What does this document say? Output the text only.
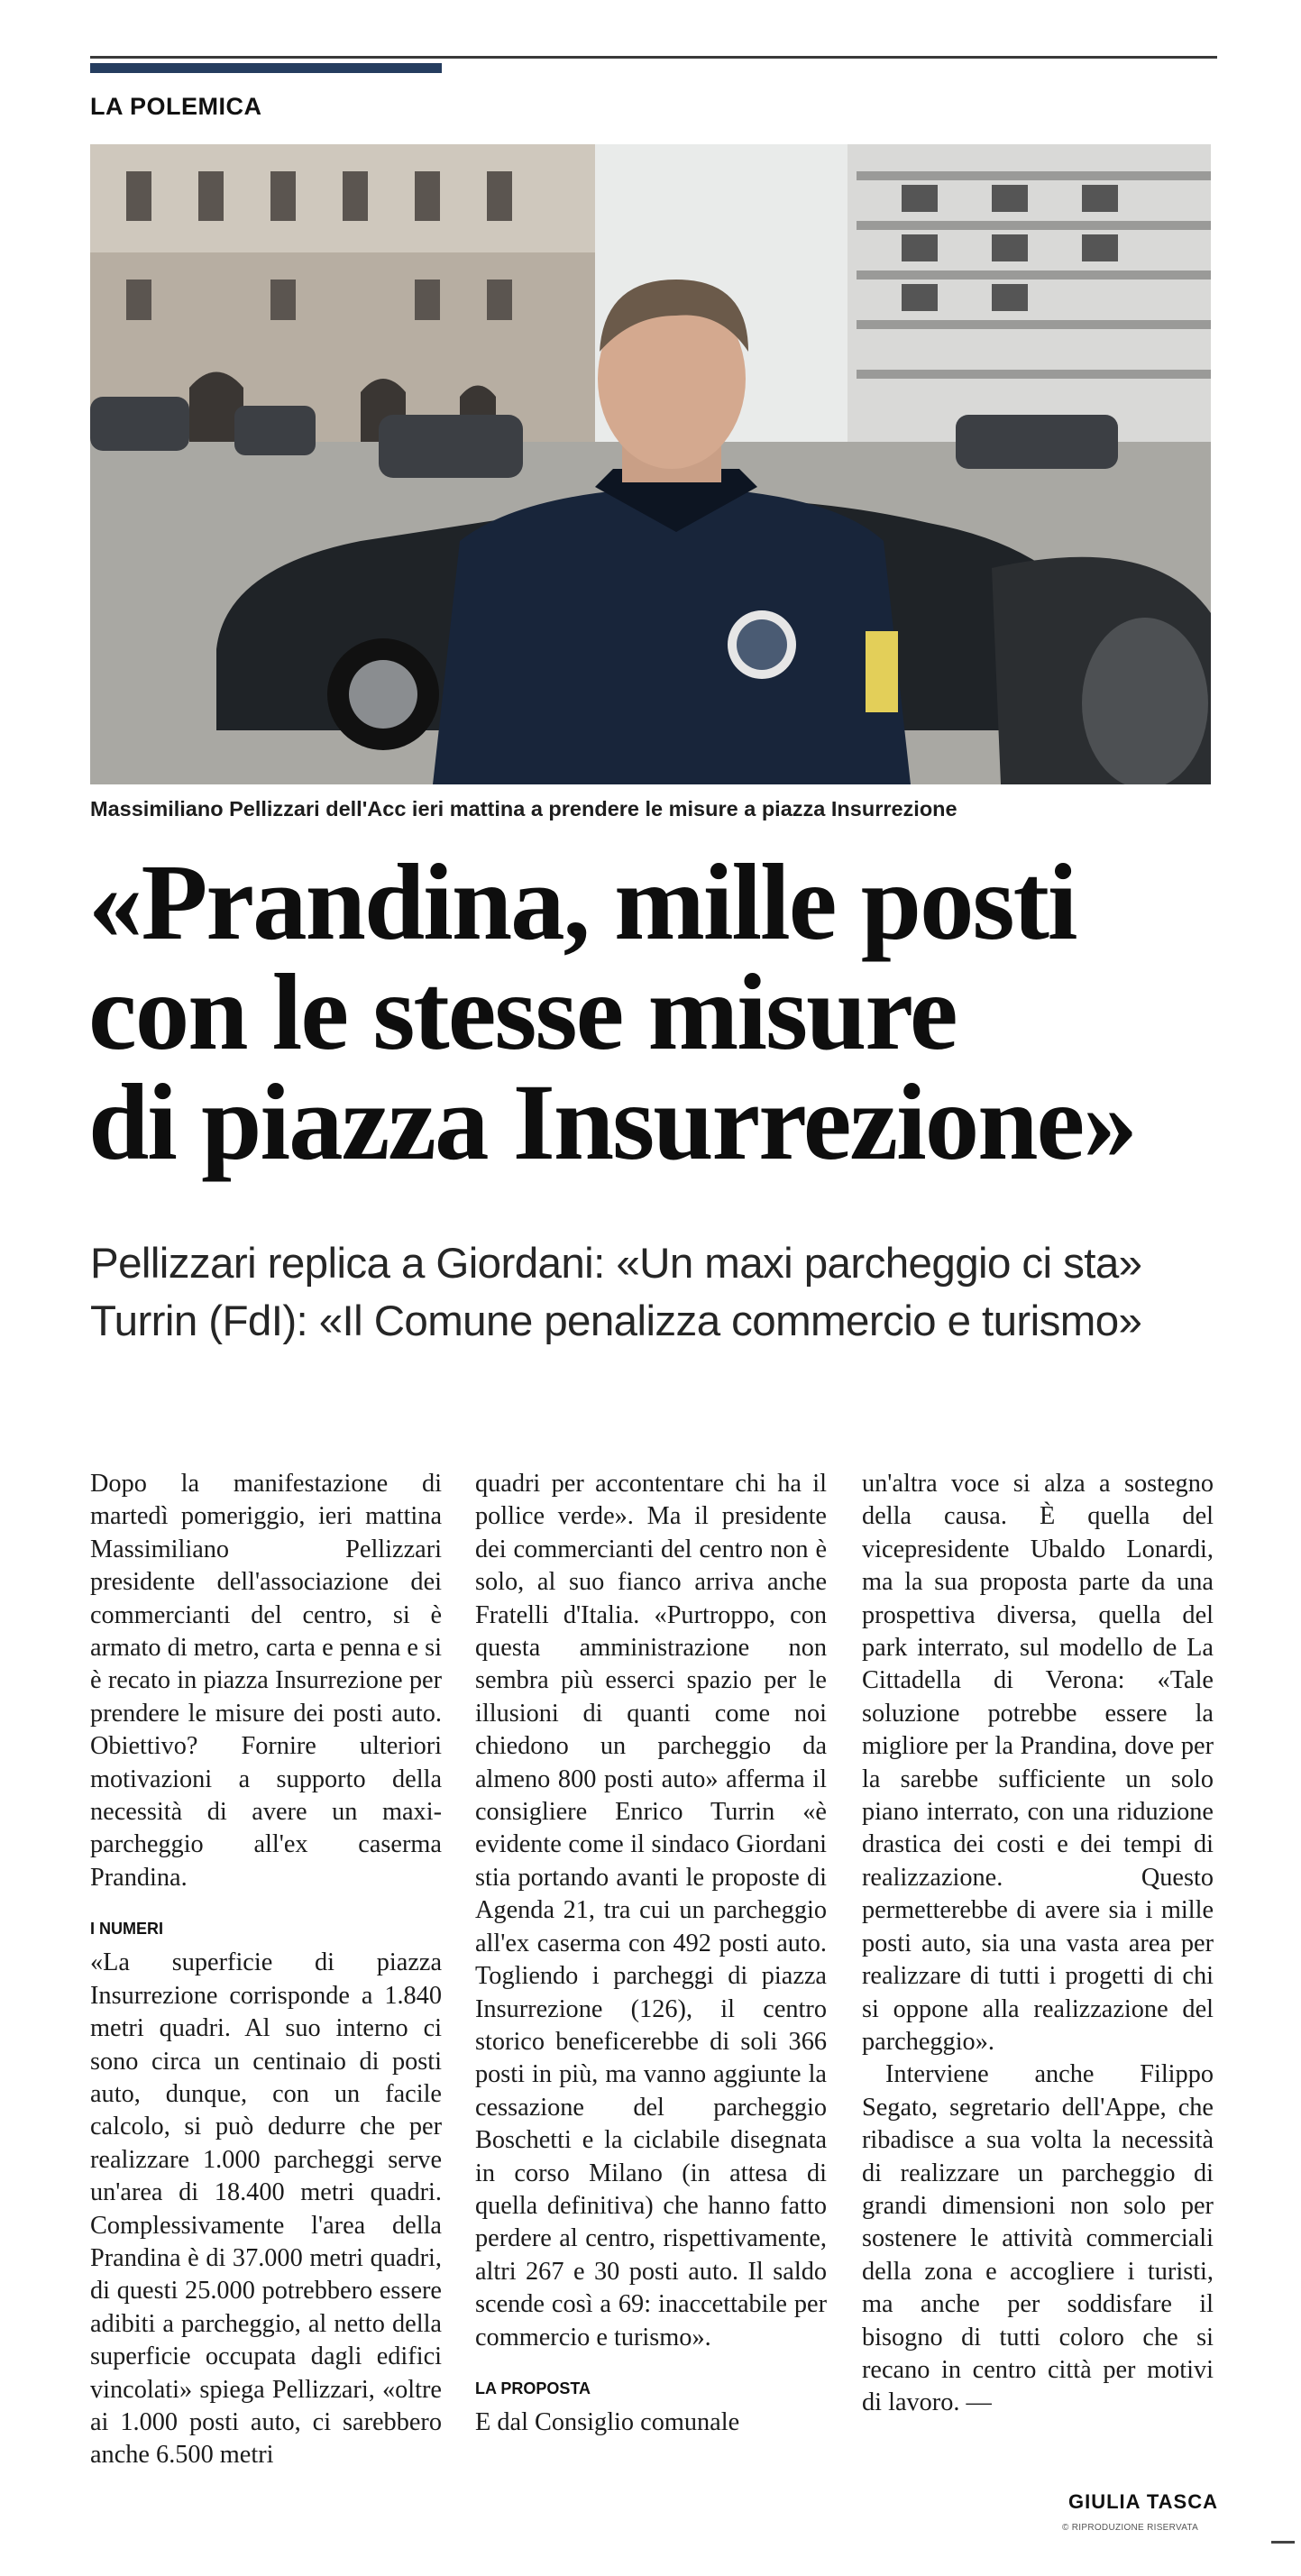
LA POLEMICA
Massimiliano Pellizzari dell'Acc ieri mattina a prendere le misure a piazza Insurrezione
«Prandina, mille posti
con le stesse misure
di piazza Insurrezione»
Pellizzari replica a Giordani: «Un maxi parcheggio ci sta»
Turrin (FdI): «Il Comune penalizza commercio e turismo»

Dopo la manifestazione di martedì pomeriggio, ieri mattina Massimiliano Pellizzari presidente dell'associazione dei commercianti del centro, si è armato di metro, carta e penna e si è recato in piazza Insurrezione per prendere le misure dei posti auto. Obiettivo? Fornire ulteriori motivazioni a supporto della necessità di avere un maxi-parcheggio all'ex caserma Prandina.

I NUMERI

«La superficie di piazza Insurrezione corrisponde a 1.840 metri quadri. Al suo interno ci sono circa un centinaio di posti auto, dunque, con un facile calcolo, si può dedurre che per realizzare 1.000 parcheggi serve un'area di 18.400 metri quadri. Complessivamente l'area della Prandina è di 37.000 metri quadri, di questi 25.000 potrebbero essere adibiti a parcheggio, al netto della superficie occupata dagli edifici vincolati» spiega Pellizzari, «oltre ai 1.000 posti auto, ci sarebbero anche 6.500 metri

quadri per accontentare chi ha il pollice verde». Ma il presidente dei commercianti del centro non è solo, al suo fianco arriva anche Fratelli d'Italia. «Purtroppo, con questa amministrazione non sembra più esserci spazio per le illusioni di quanti come noi chiedono un parcheggio da almeno 800 posti auto» afferma il consigliere Enrico Turrin «è evidente come il sindaco Giordani stia portando avanti le proposte di Agenda 21, tra cui un parcheggio all'ex caserma con 492 posti auto. Togliendo i parcheggi di piazza Insurrezione (126), il centro storico beneficerebbe di soli 366 posti in più, ma vanno aggiunte la cessazione del parcheggio Boschetti e la ciclabile disegnata in corso Milano (in attesa di quella definitiva) che hanno fatto perdere al centro, rispettivamente, altri 267 e 30 posti auto. Il saldo scende così a 69: inaccettabile per commercio e turismo».

LA PROPOSTA

E dal Consiglio comunale

un'altra voce si alza a sostegno della causa. È quella del vicepresidente Ubaldo Lonardi, ma la sua proposta parte da una prospettiva diversa, quella del park interrato, sul modello de La Cittadella di Verona: «Tale soluzione potrebbe essere la migliore per la Prandina, dove per la sarebbe sufficiente un solo piano interrato, con una riduzione drastica dei costi e dei tempi di realizzazione. Questo permetterebbe di avere sia i mille posti auto, sia una vasta area per realizzare di tutti i progetti di chi si oppone alla realizzazione del parcheggio».

Interviene anche Filippo Segato, segretario dell'Appe, che ribadisce a sua volta la necessità di realizzare un parcheggio di grandi dimensioni non solo per sostenere le attività commerciali della zona e accogliere i turisti, ma anche per soddisfare il bisogno di tutti coloro che si recano in centro città per motivi di lavoro. —

GIULIA TASCA
© RIPRODUZIONE RISERVATA
